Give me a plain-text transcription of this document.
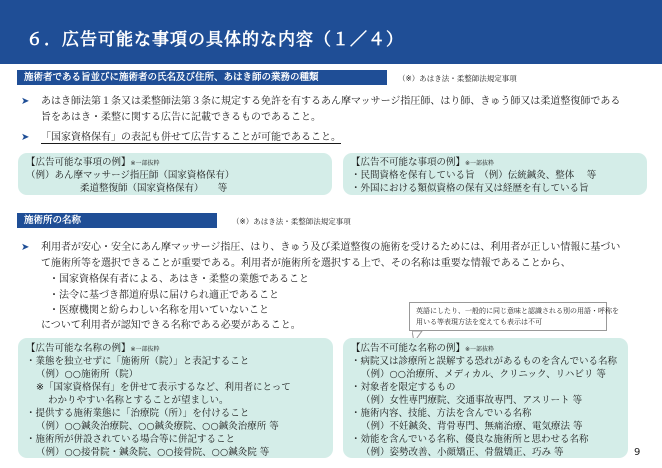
６．広告可能な事項の具体的な内容（１／４）
施術者である旨並びに施術者の氏名及び住所、あはき師の業務の種類	（※）あはき法・柔整師法規定事項
➤ あはき師法第１条又は柔整師法第３条に規定する免許を有するあん摩マッサージ指圧師、はり師、きゅう師又は柔道整復師である
旨をあはき・柔整に関する広告に記載できるものであること。
➤ 「国家資格保有」の表記も併せて広告することが可能であること。
【広告可能な事項の例】※一部抜粋
（例）あん摩マッサージ指圧師（国家資格保有）
柔道整復師（国家資格保有）　　等
【広告不可能な事項の例】※一部抜粋
・民間資格を保有している旨　（例）伝統鍼灸、整体　 等
・外国における類似資格の保有又は経歴を有している旨
施術所の名称	（※）あはき法・柔整師法規定事項
➤ 利用者が安心・安全にあん摩マッサージ指圧、はり、きゅう及び柔道整復の施術を受けるためには、利用者が正しい情報に基づい
て施術所等を選択できることが重要である。利用者が施術所を選択する上で、その名称は重要な情報であることから、
・国家資格保有者による、あはき・柔整の業態であること
・法令に基づき都道府県に届けられ適正であること
・医療機関と紛らわしい名称を用いていないこと
について利用者が認知できる名称である必要があること。
英語にしたり、一般的に同じ意味と認識される別の用語・呼称を
用いる等表現方法を変えても表示は不可
【広告可能な名称の例】※一部抜粋
・業態を独立せずに「施術所（院）」と表記すること
（例）○○施術所（院）
※「国家資格保有」を併せて表示するなど、利用者にとって
わかりやすい名称とすることが望ましい。
・提供する施術業態に「治療院（所）」を付けること
（例）○○鍼灸治療院、○○鍼灸療院、○○鍼灸治療所 等
・施術所が併設されている場合等に併記すること
（例）○○接骨院・鍼灸院、○○接骨院、○○鍼灸院 等
【広告不可能な名称の例】※一部抜粋
・病院又は診療所と誤解する恐れがあるものを含んでいる名称
（例）○○治療所、メディカル、クリニック、リハビリ 等
・対象者を限定するもの
（例）女性専門療院、交通事故専門、アスリート 等
・施術内容、技能、方法を含んでいる名称
（例）不妊鍼灸、背骨専門、無痛治療、電気療法 等
・効能を含んでいる名称、優良な施術所と思わせる名称
（例）姿勢改善、小顔矯正、骨盤矯正、巧み 等	9
